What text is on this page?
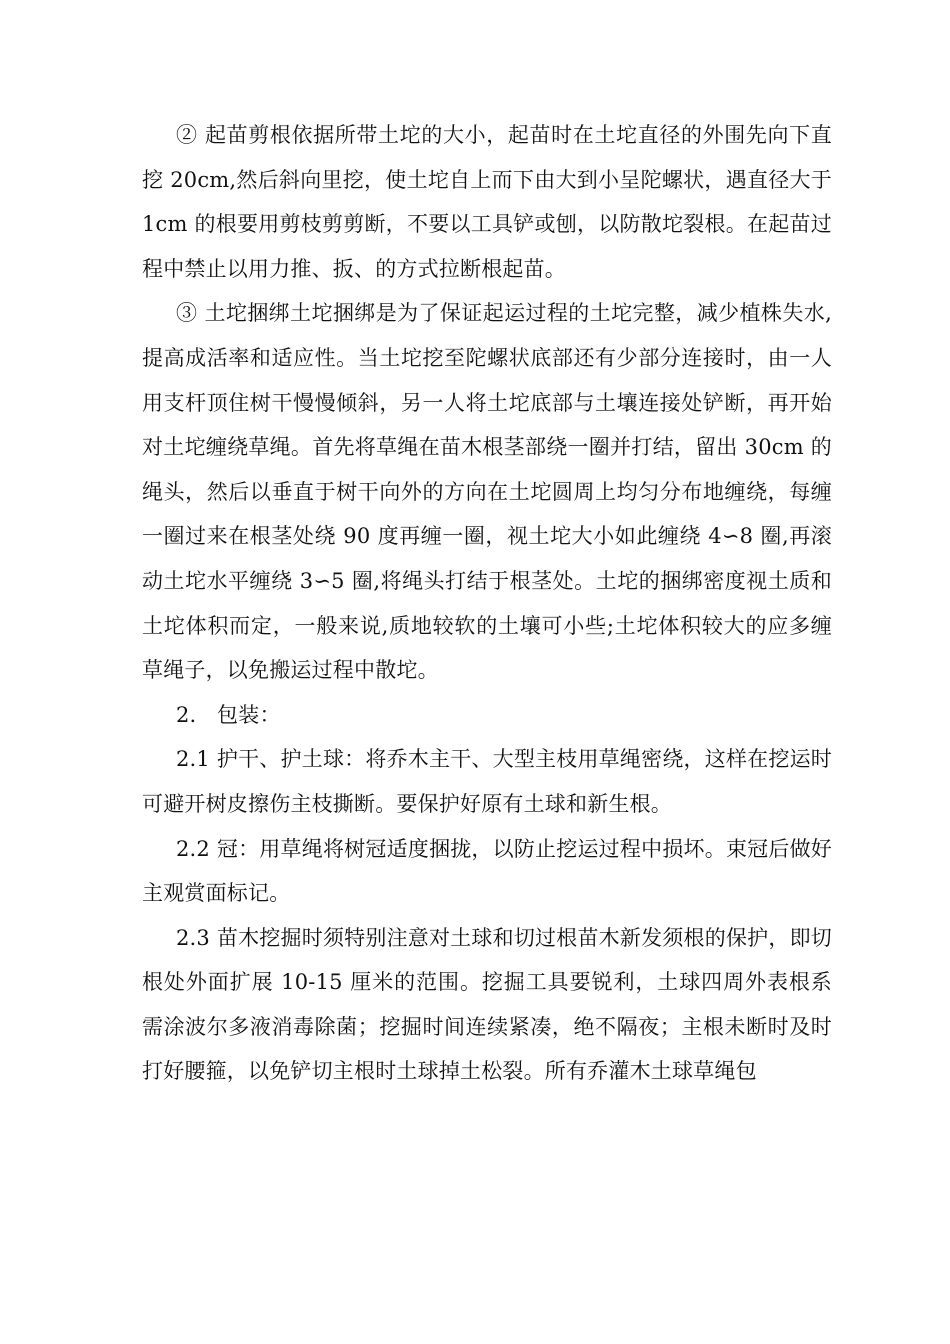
② 起苗剪根依据所带土坨的大小，起苗时在土坨直径的外围先向下直挖 20cm,然后斜向里挖，使土坨自上而下由大到小呈陀螺状，遇直径大于 1cm 的根要用剪枝剪剪断，不要以工具铲或刨，以防散坨裂根。在起苗过程中禁止以用力推、扳、的方式拉断根起苗。

③ 土坨捆绑土坨捆绑是为了保证起运过程的土坨完整，减少植株失水,提高成活率和适应性。当土坨挖至陀螺状底部还有少部分连接时，由一人用支杆顶住树干慢慢倾斜，另一人将土坨底部与土壤连接处铲断，再开始对土坨缠绕草绳。首先将草绳在苗木根茎部绕一圈并打结，留出 30cm 的绳头，然后以垂直于树干向外的方向在土坨圆周上均匀分布地缠绕，每缠一圈过来在根茎处绕 90 度再缠一圈，视土坨大小如此缠绕 4∽8 圈,再滚动土坨水平缠绕 3∽5 圈,将绳头打结于根茎处。土坨的捆绑密度视土质和土坨体积而定，一般来说,质地较软的土壤可小些;土坨体积较大的应多缠草绳子，以免搬运过程中散坨。

2.   包装：

2.1 护干、护土球：将乔木主干、大型主枝用草绳密绕，这样在挖运时可避开树皮擦伤主枝撕断。要保护好原有土球和新生根。

2.2 冠：用草绳将树冠适度捆拢，以防止挖运过程中损坏。束冠后做好主观赏面标记。

2.3 苗木挖掘时须特别注意对土球和切过根苗木新发须根的保护，即切根处外面扩展 10-15 厘米的范围。挖掘工具要锐利，土球四周外表根系需涂波尔多液消毒除菌；挖掘时间连续紧凑，绝不隔夜；主根未断时及时打好腰箍，以免铲切主根时土球掉土松裂。所有乔灌木土球草绳包
